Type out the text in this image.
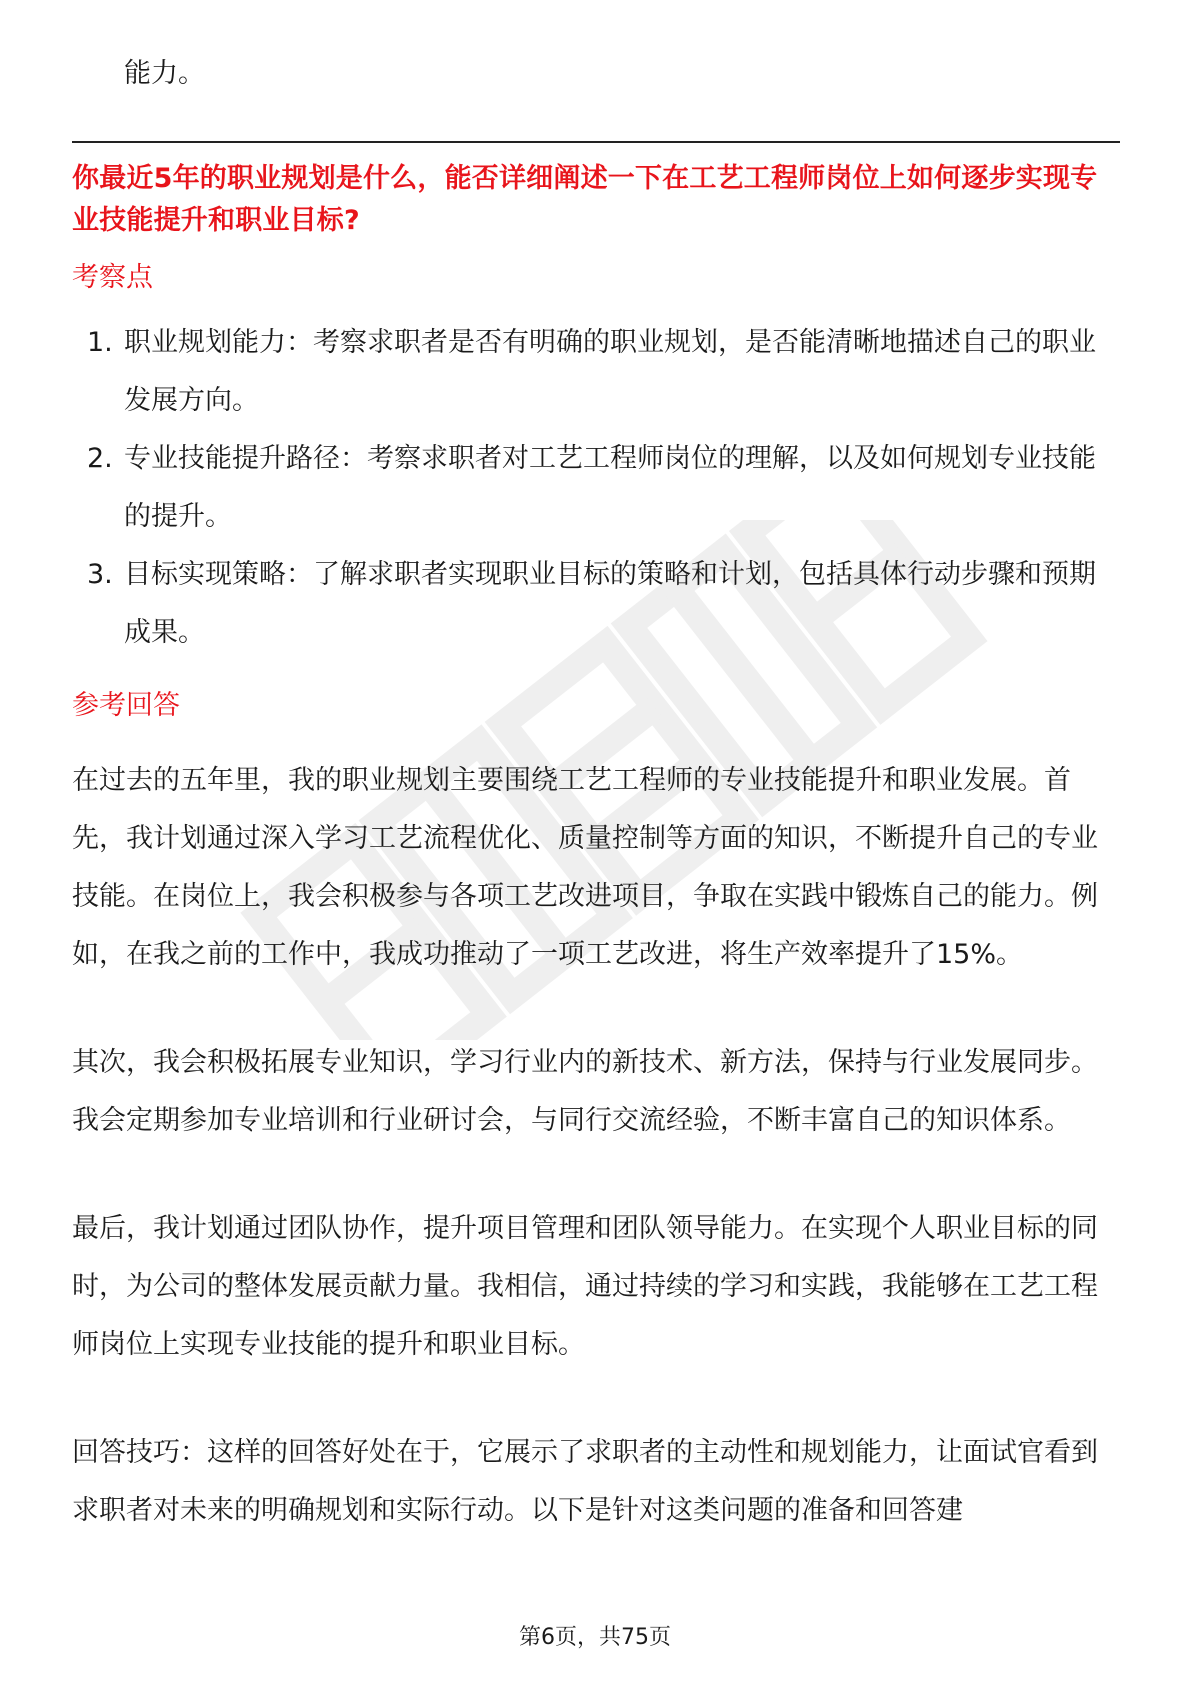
能力。
你最近5年的职业规划是什么，能否详细阐述一下在工艺工程师岗位上如何逐步实现专业技能提升和职业目标?
考察点
1. 职业规划能力：考察求职者是否有明确的职业规划，是否能清晰地描述自己的职业发展方向。
2. 专业技能提升路径：考察求职者对工艺工程师岗位的理解，以及如何规划专业技能的提升。
3. 目标实现策略：了解求职者实现职业目标的策略和计划，包括具体行动步骤和预期成果。
参考回答

在过去的五年里，我的职业规划主要围绕工艺工程师的专业技能提升和职业发展。首先，我计划通过深入学习工艺流程优化、质量控制等方面的知识，不断提升自己的专业技能。在岗位上，我会积极参与各项工艺改进项目，争取在实践中锻炼自己的能力。例如，在我之前的工作中，我成功推动了一项工艺改进，将生产效率提升了15%。

其次，我会积极拓展专业知识，学习行业内的新技术、新方法，保持与行业发展同步。我会定期参加专业培训和行业研讨会，与同行交流经验，不断丰富自己的知识体系。

最后，我计划通过团队协作，提升项目管理和团队领导能力。在实现个人职业目标的同时，为公司的整体发展贡献力量。我相信，通过持续的学习和实践，我能够在工艺工程师岗位上实现专业技能的提升和职业目标。

回答技巧：这样的回答好处在于，它展示了求职者的主动性和规划能力，让面试官看到求职者对未来的明确规划和实际行动。以下是针对这类问题的准备和回答建

第6页，共75页
